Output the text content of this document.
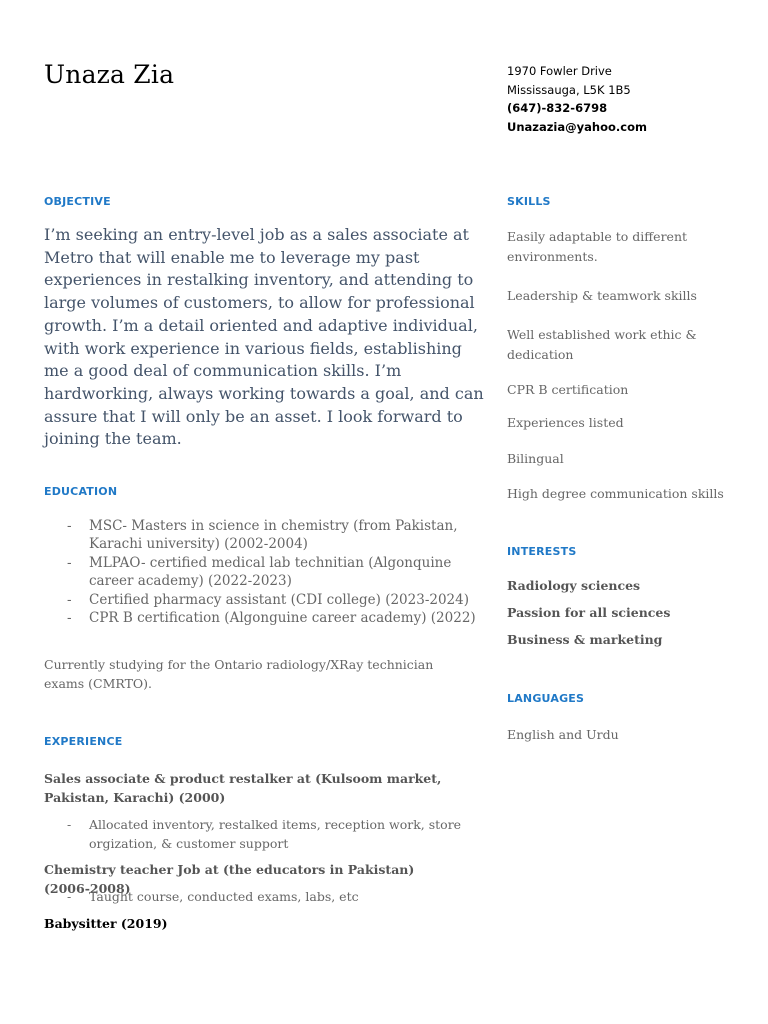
Unaza Zia	1970 Fowler Drive
Mississauga, L5K 1B5
(647)-832-6798
Unazazia@yahoo.com
OBJECTIVE

I’m seeking an entry-level job as a sales associate at Metro that will enable me to leverage my past experiences in restalking inventory, and attending to large volumes of customers, to allow for professional growth. I’m a detail oriented and adaptive individual, with work experience in various fields, establishing me a good deal of communication skills. I’m hardworking, always working towards a goal, and can assure that I will only be an asset. I look forward to joining the team.

EDUCATION
- MSC- Masters in science in chemistry (from Pakistan, Karachi university) (2002-2004)
- MLPAO- certified medical lab technitian (Algonquine career academy) (2022-2023)
- Certified pharmacy assistant (CDI college) (2023-2024)
- CPR B certification (Algonguine career academy) (2022)

Currently studying for the Ontario radiology/XRay technician exams (CMRTO).

EXPERIENCE

Sales associate & product restalker at (Kulsoom market, Pakistan, Karachi) (2000)

- Allocated inventory, restalked items, reception work, store orgization, & customer support

Chemistry teacher Job at (the educators in Pakistan) (2006-2008)

- Taught course, conducted exams, labs, etc

Babysitter (2019)

SKILLS
Easily adaptable to different environments.
Leadership & teamwork skills
Well established work ethic & dedication
CPR B certification
Experiences listed
Bilingual
High degree communication skills
INTERESTS
Radiology sciences
Passion for all sciences
Business & marketing
LANGUAGES
English and Urdu
